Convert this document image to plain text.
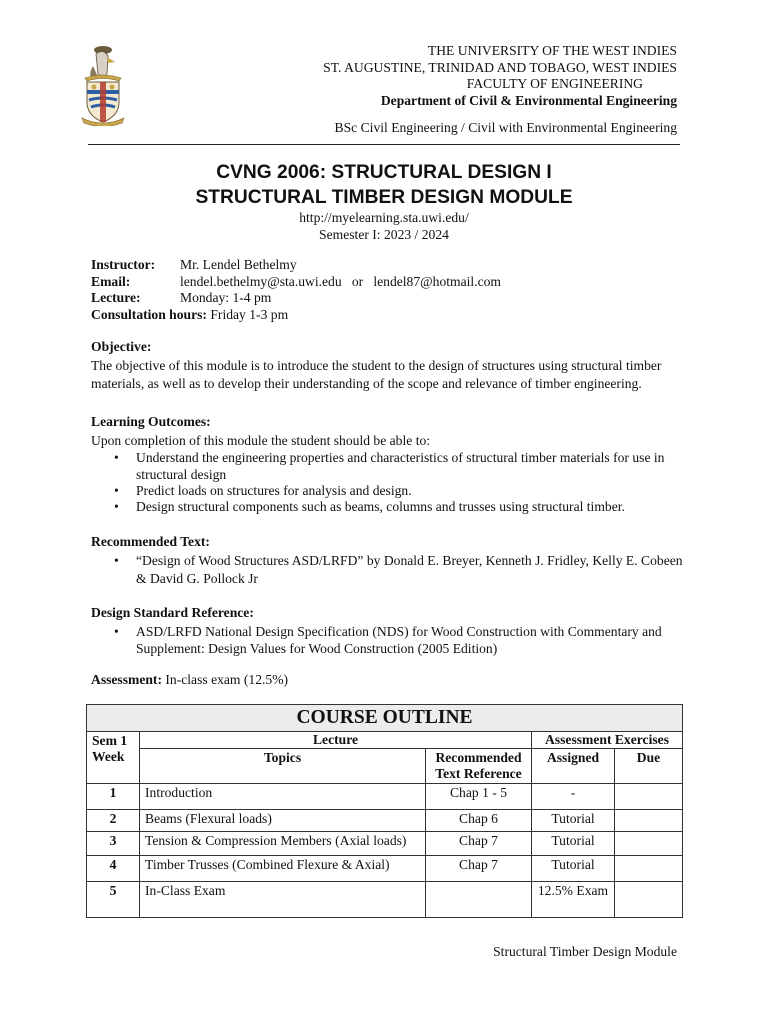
THE UNIVERSITY OF THE WEST INDIES
ST. AUGUSTINE, TRINIDAD AND TOBAGO, WEST INDIES
FACULTY OF ENGINEERING
Department of Civil & Environmental Engineering
BSc Civil Engineering / Civil with Environmental Engineering
CVNG 2006: STRUCTURAL DESIGN I
STRUCTURAL TIMBER DESIGN MODULE
http://myelearning.sta.uwi.edu/
Semester I: 2023 / 2024
Instructor: Mr. Lendel Bethelmy
Email:	lendel.bethelmy@sta.uwi.edu   or   lendel87@hotmail.com
Lecture:	Monday: 1-4 pm
Consultation hours: Friday 1-3 pm
Objective:
The objective of this module is to introduce the student to the design of structures using structural timber materials, as well as to develop their understanding of the scope and relevance of timber engineering.
Learning Outcomes:
Upon completion of this module the student should be able to:
• Understand the engineering properties and characteristics of structural timber materials for use in structural design
• Predict loads on structures for analysis and design.
• Design structural components such as beams, columns and trusses using structural timber.
Recommended Text:
• “Design of Wood Structures ASD/LRFD” by Donald E. Breyer, Kenneth J. Fridley, Kelly E. Cobeen & David G. Pollock Jr
Design Standard Reference:
• ASD/LRFD National Design Specification (NDS) for Wood Construction with Commentary and Supplement: Design Values for Wood Construction (2005 Edition)
Assessment: In-class exam (12.5%)
COURSE OUTLINE				
Sem 1 Week	Lecture		Assessment Exercises	
	Topics	Recommended Text Reference	Assigned	Due
1	Introduction	Chap 1 - 5	-	
2	Beams (Flexural loads)	Chap 6	Tutorial	
3	Tension & Compression Members (Axial loads)	Chap 7	Tutorial	
4	Timber Trusses (Combined Flexure & Axial)	Chap 7	Tutorial	
5	In-Class Exam		12.5% Exam	
Structural Timber Design Module
